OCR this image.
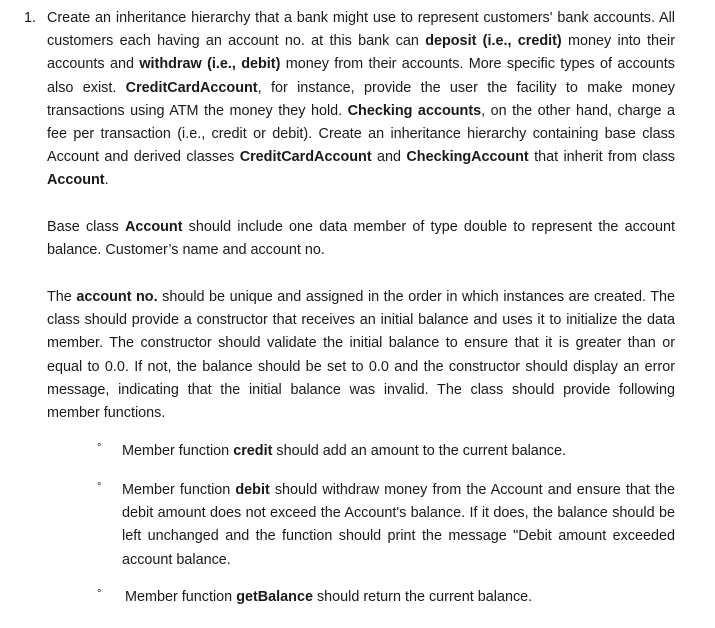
1. Create an inheritance hierarchy that a bank might use to represent customers' bank accounts. All customers each having an account no. at this bank can deposit (i.e., credit) money into their accounts and withdraw (i.e., debit) money from their accounts. More specific types of accounts also exist. CreditCardAccount, for instance, provide the user the facility to make money transactions using ATM the money they hold. Checking accounts, on the other hand, charge a fee per transaction (i.e., credit or debit). Create an inheritance hierarchy containing base class Account and derived classes CreditCardAccount and CheckingAccount that inherit from class Account.

Base class Account should include one data member of type double to represent the account balance. Customer’s name and account no.

The account no. should be unique and assigned in the order in which instances are created. The class should provide a constructor that receives an initial balance and uses it to initialize the data member. The constructor should validate the initial balance to ensure that it is greater than or equal to 0.0. If not, the balance should be set to 0.0 and the constructor should display an error message, indicating that the initial balance was invalid. The class should provide following member functions.

° Member function credit should add an amount to the current balance.

° Member function debit should withdraw money from the Account and ensure that the debit amount does not exceed the Account's balance. If it does, the balance should be left unchanged and the function should print the message "Debit amount exceeded account balance.

° Member function getBalance should return the current balance.
